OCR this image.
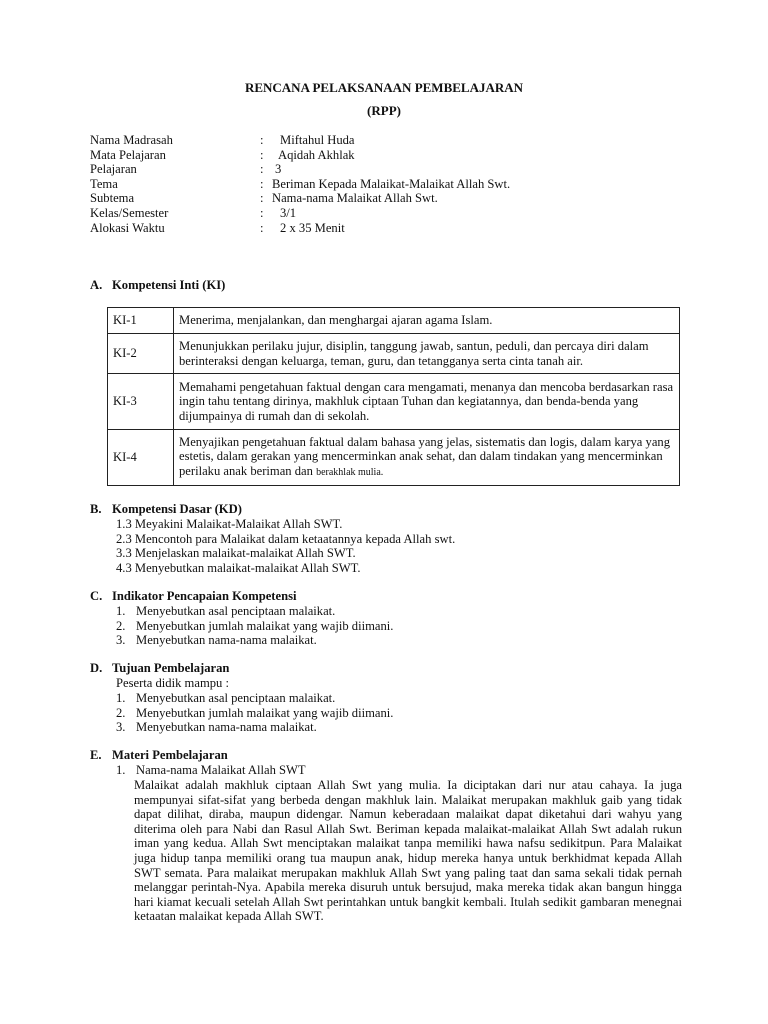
RENCANA PELAKSANAAN PEMBELAJARAN
(RPP)
Nama Madrasah	: Miftahul Huda
Mata Pelajaran	: Aqidah Akhlak
Pelajaran	: 3
Tema	: Beriman Kepada Malaikat-Malaikat Allah Swt.
Subtema	: Nama-nama Malaikat Allah Swt.
Kelas/Semester	: 3/1
Alokasi Waktu	: 2 x 35 Menit
A. Kompetensi Inti (KI)
KI-1	Menerima, menjalankan, dan menghargai ajaran agama Islam.
KI-2	Menunjukkan perilaku jujur, disiplin, tanggung jawab, santun, peduli, dan percaya diri dalam berinteraksi dengan keluarga, teman, guru, dan tetangganya serta cinta tanah air.
KI-3	Memahami pengetahuan faktual dengan cara mengamati, menanya dan mencoba berdasarkan rasa ingin tahu tentang dirinya, makhluk ciptaan Tuhan dan kegiatannya, dan benda-benda yang dijumpainya di rumah dan di sekolah.
KI-4	Menyajikan pengetahuan faktual dalam bahasa yang jelas, sistematis dan logis, dalam karya yang estetis, dalam gerakan yang mencerminkan anak sehat, dan dalam tindakan yang mencerminkan perilaku anak beriman dan berakhlak mulia.
B. Kompetensi Dasar (KD)
1.3 Meyakini Malaikat-Malaikat Allah SWT.
2.3 Mencontoh para Malaikat dalam ketaatannya kepada Allah swt.
3.3 Menjelaskan malaikat-malaikat Allah SWT.
4.3 Menyebutkan malaikat-malaikat Allah SWT.
C. Indikator Pencapaian Kompetensi
1. Menyebutkan asal penciptaan malaikat.
2. Menyebutkan jumlah malaikat yang wajib diimani.
3. Menyebutkan nama-nama malaikat.
D. Tujuan Pembelajaran
Peserta didik mampu :
1. Menyebutkan asal penciptaan malaikat.
2. Menyebutkan jumlah malaikat yang wajib diimani.
3. Menyebutkan nama-nama malaikat.
E. Materi Pembelajaran
1. Nama-nama Malaikat Allah SWT
Malaikat adalah makhluk ciptaan Allah Swt yang mulia. Ia diciptakan dari nur atau cahaya. Ia juga mempunyai sifat-sifat yang berbeda dengan makhluk lain. Malaikat merupakan makhluk gaib yang tidak dapat dilihat, diraba, maupun didengar. Namun keberadaan malaikat dapat diketahui dari wahyu yang diterima oleh para Nabi dan Rasul Allah Swt. Beriman kepada malaikat-malaikat Allah Swt adalah rukun iman yang kedua. Allah Swt menciptakan malaikat tanpa memiliki hawa nafsu sedikitpun. Para Malaikat juga hidup tanpa memiliki orang tua maupun anak, hidup mereka hanya untuk berkhidmat kepada Allah SWT semata. Para malaikat merupakan makhluk Allah Swt yang paling taat dan sama sekali tidak pernah melanggar perintah-Nya. Apabila mereka disuruh untuk bersujud, maka mereka tidak akan bangun hingga hari kiamat kecuali setelah Allah Swt perintahkan untuk bangkit kembali. Itulah sedikit gambaran menegnai ketaatan malaikat kepada Allah SWT.
